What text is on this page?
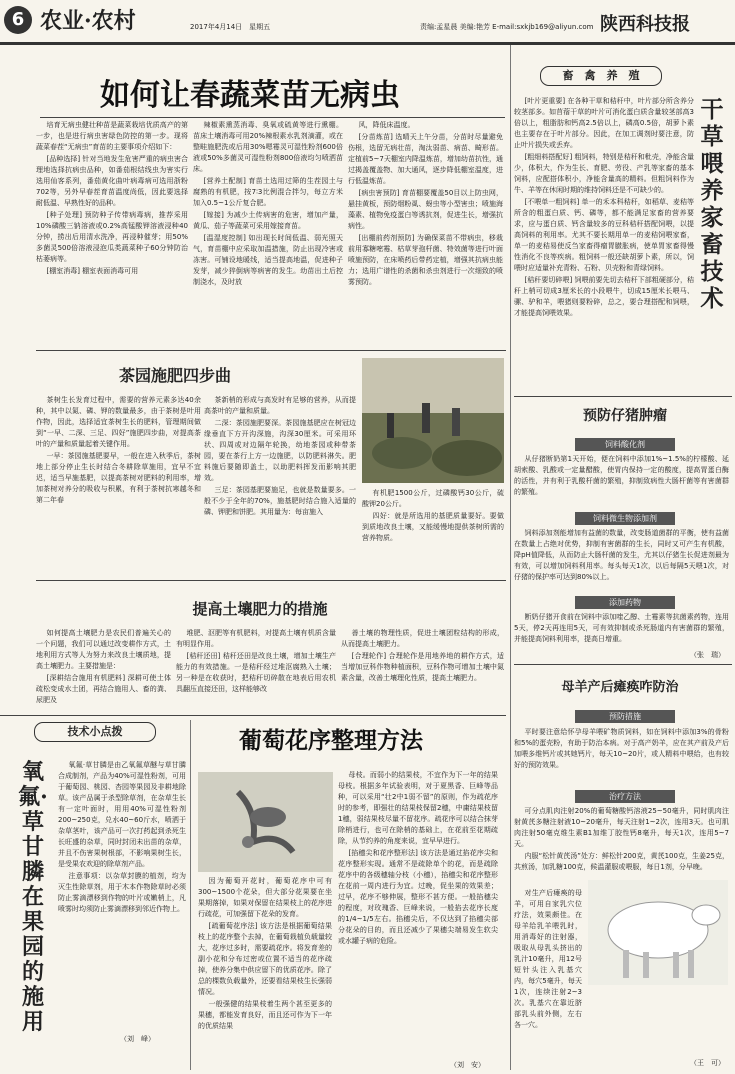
6 农业·农村	2017年4月14日　星期五	责编:孟星晨 美编:艳芳 E-mail:sxkjb169@aliyun.com 陕西科技报
如何让春蔬菜苗无病虫

培育无病虫健壮种苗是蔬菜栽培优质高产的第一步，也是进行病虫害绿色防控的第一步。现将蔬菜春茬“无病虫”育苗的主要事项介绍如下：

[品种选择] 针对当地发生危害严重的病虫害合理地选择抗病虫品种，如番茄根结线虫为害实行选用仙客系列，番茄黄化曲叶病毒病可选用浙粉702等，另外早春茬育苗温度尚低，因此要选择耐低温、早熟性好的品种。

[种子处理] 预防种子传带病毒病，推荐采用10%磷酸三钠溶液或0.2%高锰酸钾溶液浸种40分钟，捞出后用清水洗净，再浸种催芽；用50%多菌灵500倍溶液浸泡瓜类蔬菜种子60分钟防治枯萎病等。

[棚室消毒] 棚室表面消毒可用

辣椒素熏蒸消毒、臭氧或硫黄等进行熏棚。苗床土壤消毒可用20%辣根素水乳剂滴灌，或在整畦施肥洗或后用30%嗯霉灵可湿性粉剂600倍液或50%多菌灵可湿性粉剂800倍液均匀喷洒苗床。

[营养土配制] 育苗土选用过筛的生茬园土与腐熟的有机肥，按7∶3比例混合拌匀，每立方米加入0.5~1公斤复合肥。

[嫁接] 为减少土传病害的危害，增加产量，黄瓜、茄子等蔬菜可采用嫁接育苗。

[温湿度控制] 如出现长时间低温、弱光照天气，育苗棚中应采取加温措施，防止出现冷害或冻害。可铺设地暖线，适当提高地温，促进种子发芽，减少猝倒病等病害的发生。幼苗出土后控制浇水，及时放

风，降低床温度。

[分苗炼苗] 选晴天上午分苗，分苗时尽量避免伤根，选留无病壮苗，淘汰弱苗、病苗、畸形苗。定植前5~7天棚室内降温炼苗，增加幼苗抗性，通过揭盖覆盖物、加大通风，逐步降低棚室温度，进行低温炼苗。

[病虫害预防] 育苗棚要覆盖50目以上防虫网，悬挂黄板，预防烟粉虱、蚜虫等小型害虫；喷施海藻素、植物免疫蛋白等诱抗剂，促进生长，增强抗病性。

[出棚前药剂预防] 为确保菜苗不带病虫，移栽前用寡糖嘧霉、枯草芽孢杆菌、特效菌等进行叶面喷施预防，在床喷药后带药定植，增强其抗病虫能力；选用广谱性的杀菌和杀虫剂进行一次细致的喷雾预防。

茶园施肥四步曲

茶树生长发育过程中，需要的营养元素多达40余种，其中以氮、磷、钾的数量最多，由于茶树是叶用作物，因此，选择适宜茶树生长的肥料，管理期间做到“一早、二深、三足、四好”施肥四步曲，对提高茶叶的产量和质量起着关键作用。

一早：茶园施基肥要早，一般在进入秋季后，茶树地上部分停止生长时结合冬耕除草施用，宜早不宜迟，适当早施基肥，以提高茶树对肥料的利用率，增加茶树对养分的吸收与积累，有利于茶树抗寒越冬和第二年春

茶新梢的形成与高发时有足够的营养，从而提高茶叶的产量和质量。

二深：茶园施肥要深。茶园施基肥应在树冠边缘垂直下方开沟深施，沟深30厘米。可采用环状、四周或对边隔年轮换，幼地茶园或种带茶园，要在茶行上方一边施肥，以防肥料淋失。肥料施后要随即盖土，以助肥料挥发而影响其肥效。

三足：茶园基肥要施足，也就是数量要多。一般不少于全年的70%，施基肥时结合施入适量的磷、钾肥和饼肥。其用量为：每亩施入

有机肥1500公斤，过磷酸钙30公斤，硫酸钾20公斤。

四好：就是所选用的基肥质量要好。要做到质地改良土壤，又能缓慢地提供茶树所需的营养物质。

提高土壤肥力的措施

如何提高土壤肥力是农民们普遍关心的一个问题，我们可以通过改变耕作方式，土地利用方式等人为努力来改良土壤质地，提高土壤肥力。主要措施是：

[深耕结合施用有机肥料] 深耕可使土体疏松变成水土团，再结合施用人、畜的粪、尿肥及

堆肥、沤肥等有机肥料，对提高土壤有机质含量有明显作用。

[秸秆还田] 秸秆还田是改良土壤，增加土壤生产能力的有效措施。一是秸秆经过堆沤腐熟入土壤；另一种是在收获时，把秸秆切碎散在地表后用农机具翻压直接还田，这样能够改

善土壤的物理性质，促进土壤团粒结构的形成，从而提高土壤肥力。

[合理轮作] 合理轮作是用地养地的耕作方式，适当增加豆科作物种植面积，豆科作物可增加土壤中氮素含量，改善土壤理化性质，提高土壤肥力。

技术小点拨
氧氟·草甘膦在果园的施用

氧氟·草甘膦是由乙氧氟草醚与草甘膦合成制剂，产品为40%可湿性粉剂，可用于葡萄园、桃园、杏园等果园及非耕地除草。该产品属于杀型除草剂，在杂草生长有一定叶面时，用用40%可湿性粉剂200~250克，兑水40~60斤水，喷洒于杂草茎叶，该产品可一次打药起到杀死生长旺盛的杂草，同时封闭未出苗的杂草，并且不伤害果树根部，不影响果树生长，是受果农欢迎的除草剂产品。

注意事项：以杂草封膜的植剂，均为灭生性除草剂，用于木本作物除草时必须防止雾滴漂移到作物的叶片或嫩梢上，凡喷雾时均须防止雾滴漂移到邻近作物上。

（刘　峰）
葡萄花序整理方法

因为葡萄开花时，葡萄花序中可有300~1500个花朵，但大部分花果要在坐果期落掉，如果对保留在结果枝上的花序进行疏花，可加强留下花朵的发育。

[疏葡萄花序法] 该方法是根据葡萄结果枝上的花序整个去掉，在葡萄栽植负载量较大，花序过多时，需要疏花序。将发育差的副小花和分布过密或位置不适当的花序疏掉，使养分集中供应留下的优质花序。除了总的棵数负载量外，还要看结果枝生长强弱情况。

一般强健的结果枝着生两个甚至更多的果穗，都能发育良好，而且还可作为下一年的优质结果

母枝。而弱小的结果枝，不宜作为下一年的结果母枝。根据多年试验表明，对于夏黑香、巨峰等品种，可以采用“壮2中1弱不留”的原则，作为疏花序时的参考，即强壮的结果枝保留2穗，中庸结果枝留1穗，弱结果枝尽量不留花序。疏花序可以结合抹芽除梢进行，也可在除梢的基础上，在花前至花期疏除，从节约养的角度来说，宜早早进行。

[掐穗尖和花序整形法] 该方法是通过掐花序尖和花序整形实现。通常不是疏除单个的花，而是疏除花序中的各级穗轴分枝（小穗），掐穗尖和花序整形在花前一周内进行为宜。过晚，促坐果的效果差；过早，花序不够伸展，整形不甚方便。一般掐穗尖的程度，对玫瑰香、巨峰来说，一般掐去花序长度的1/4~1/5左右。掐穗尖后，不仅达到了掐穗尖部分花朵的目的，而且还减少了果穗尖端易发生软尖或水罐子病的危险。

（刘　安）
畜　禽　养　殖

[叶片更重要] 在各种干草和秸秆中，叶片部分所含养分较茎部多。如苜蓿干草的叶片可消化蛋白质含量较茎部高3倍以上，粗脂肪和钙高2.5倍以上，磷高0.5倍，胡萝卜素也主要存在于叶片部分。因此，在加工调剂时要注意，防止叶片损失或丢弃。

[粗细料搭配好] 粗饲料，特别是秸秆和秕壳，净能含量少，体积大，作为生长、育肥、劳役、产乳等家畜的基本饲料，应配搭体积小，净能含量高的精料。但粗饲料作为牛、羊等在休闲时期的维持饲料还是不可缺少的。

[不喂单一粗饲料] 单一的禾本科秸秆，如稻草、麦秸等所含的粗蛋白质、钙、磷等，都不能满足家畜的营养要求，应与蛋白质、钙含量较多的豆科秸秆搭配饲喂，以提高饲料的利用率。尤其不要长期用单一的麦秸饲喂家畜，单一的麦秸易使反刍家畜得瘤胃臌胀病，使单胃家畜得慢性消化不良等疾病。粗饲料一般还缺胡萝卜素，所以，饲喂时应适量补充青粉、石粉、贝壳粉和青绿饲料。

[秸秆要切碎喂] 饲喂前要先切去秸秆下部粗硬部分，秸秆上梢可切成3厘米长的小段喂牛，切成15厘米长喂马、骡、驴和羊，喂猪则要粉碎，总之，要合理搭配和饲喂，才能提高饲喂效果。

干草喂养家畜技术
预防仔猪肿瘤
饲料酸化剂

从仔猪断奶第1天开始，便在饲料中添加1%~1.5%的柠檬酸、延胡索酸、乳酸或一定量醋酸，使胃内保持一定的酸度，提高胃蛋白酶的活性，并有利于乳酸杆菌的繁殖，抑制致病性大肠杆菌等有害菌群的繁殖。

饲料微生物添加剂

饲料添加剂能增加有益菌的数量，改变肠道菌群的平衡，使有益菌在数量上占绝对优势，抑制有害菌群的生长，同时又可产生有机酸，降pH值降低，从而防止大肠杆菌的发生，尤其以仔猪生长促进剂最为有效，可以增加饲料利用率。每头每天1次，以后每隔5天喂1次，对仔猪的保护率可达到80%以上。

添加药物

断奶仔猪开食前在饲料中添加喹乙醇、土霉素等抗菌素药物，连用5天，停2天再连用5天，可有效抑制或杀死肠道内有害菌群的繁殖，并能提高饲料利用率，提高日增重。

（张　瑞）
母羊产后瘫痪咋防治
预防措施

平时要注意给怀孕母羊喂矿物质饲料，如在饲料中添加3%的骨粉和5%的蛋壳粉，有助于防治本病。对于高产奶羊，应在其产前及产后加喂多维钙片或其她钙片，每天10~20片，或人精料中喂给，也有较好的预防效果。

治疗方法

可分点肌肉注射20%的葡萄糖酸钙溶液25~50毫升，同时肌肉注射黄芪多糖注射液10~20毫升，每天注射1~2次，连用3天。也可肌肉注射50毫克维生素B1加维丁胶性钙8毫升，每天1次，连用5~7天。

内服“松针黄芪汤”处方：鲜松针200克，黄芪100克，生姜25克，共煎汤，加乳糖100克，候温灌服或喂服，每日1剂，分早晚。

对生产后瘫痪的母羊，可用自家乳穴位疗法，效果颇佳。在母羊给乳羊喂乳时，用消毒好的注射器，吸取从母乳头挤出的乳汁10毫升，用12号短针头注入乳基穴内，每穴5毫升，每天1次，连续注射2~3次。乳基穴在靠近脐部乳头前外侧，左右各一穴。

（王　可）
